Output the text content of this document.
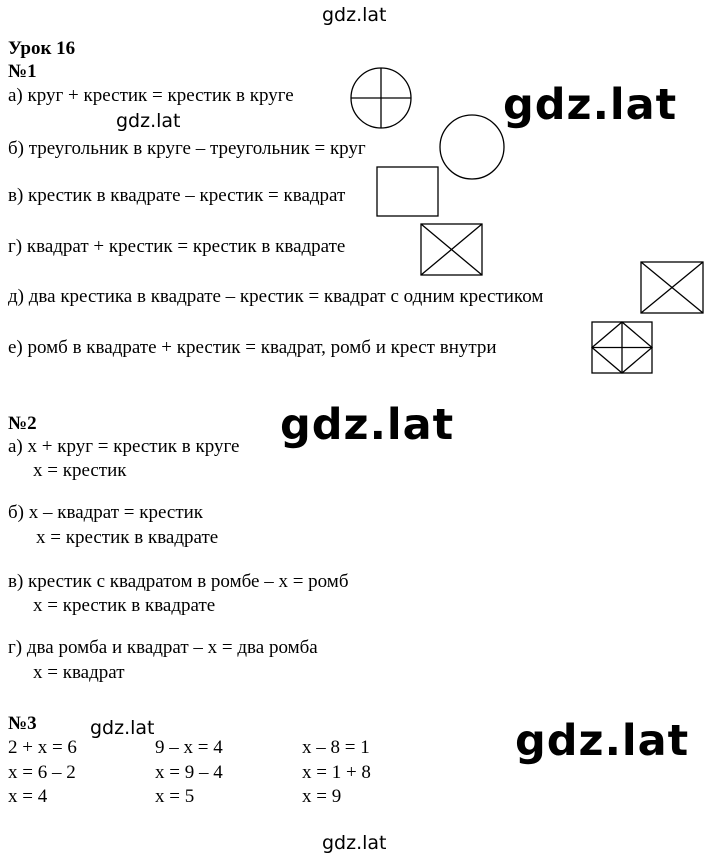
gdz.lat
gdz.lat	gdz.lat
gdz.lat
gdz.lat	gdz.lat
gdz.lat
Урок 16
№1
а) круг + крестик = крестик в круге
б) треугольник в круге – треугольник = круг
в) крестик в квадрате – крестик = квадрат
г) квадрат + крестик = крестик в квадрате
д) два крестика в квадрате – крестик = квадрат с одним крестиком
е) ромб в квадрате + крестик = квадрат, ромб и крест внутри
№2
а) x + круг = крестик в круге
x = крестик
б) x – квадрат = крестик
x = крестик в квадрате
в) крестик с квадратом в ромбе – x = ромб
x = крестик в квадрате
г) два ромба и квадрат – x = два ромба
x = квадрат
№3
2 + x = 6
x = 6 – 2
x = 4
9 – x = 4
x = 9 – 4
x = 5
x – 8 = 1
x = 1 + 8
x = 9
